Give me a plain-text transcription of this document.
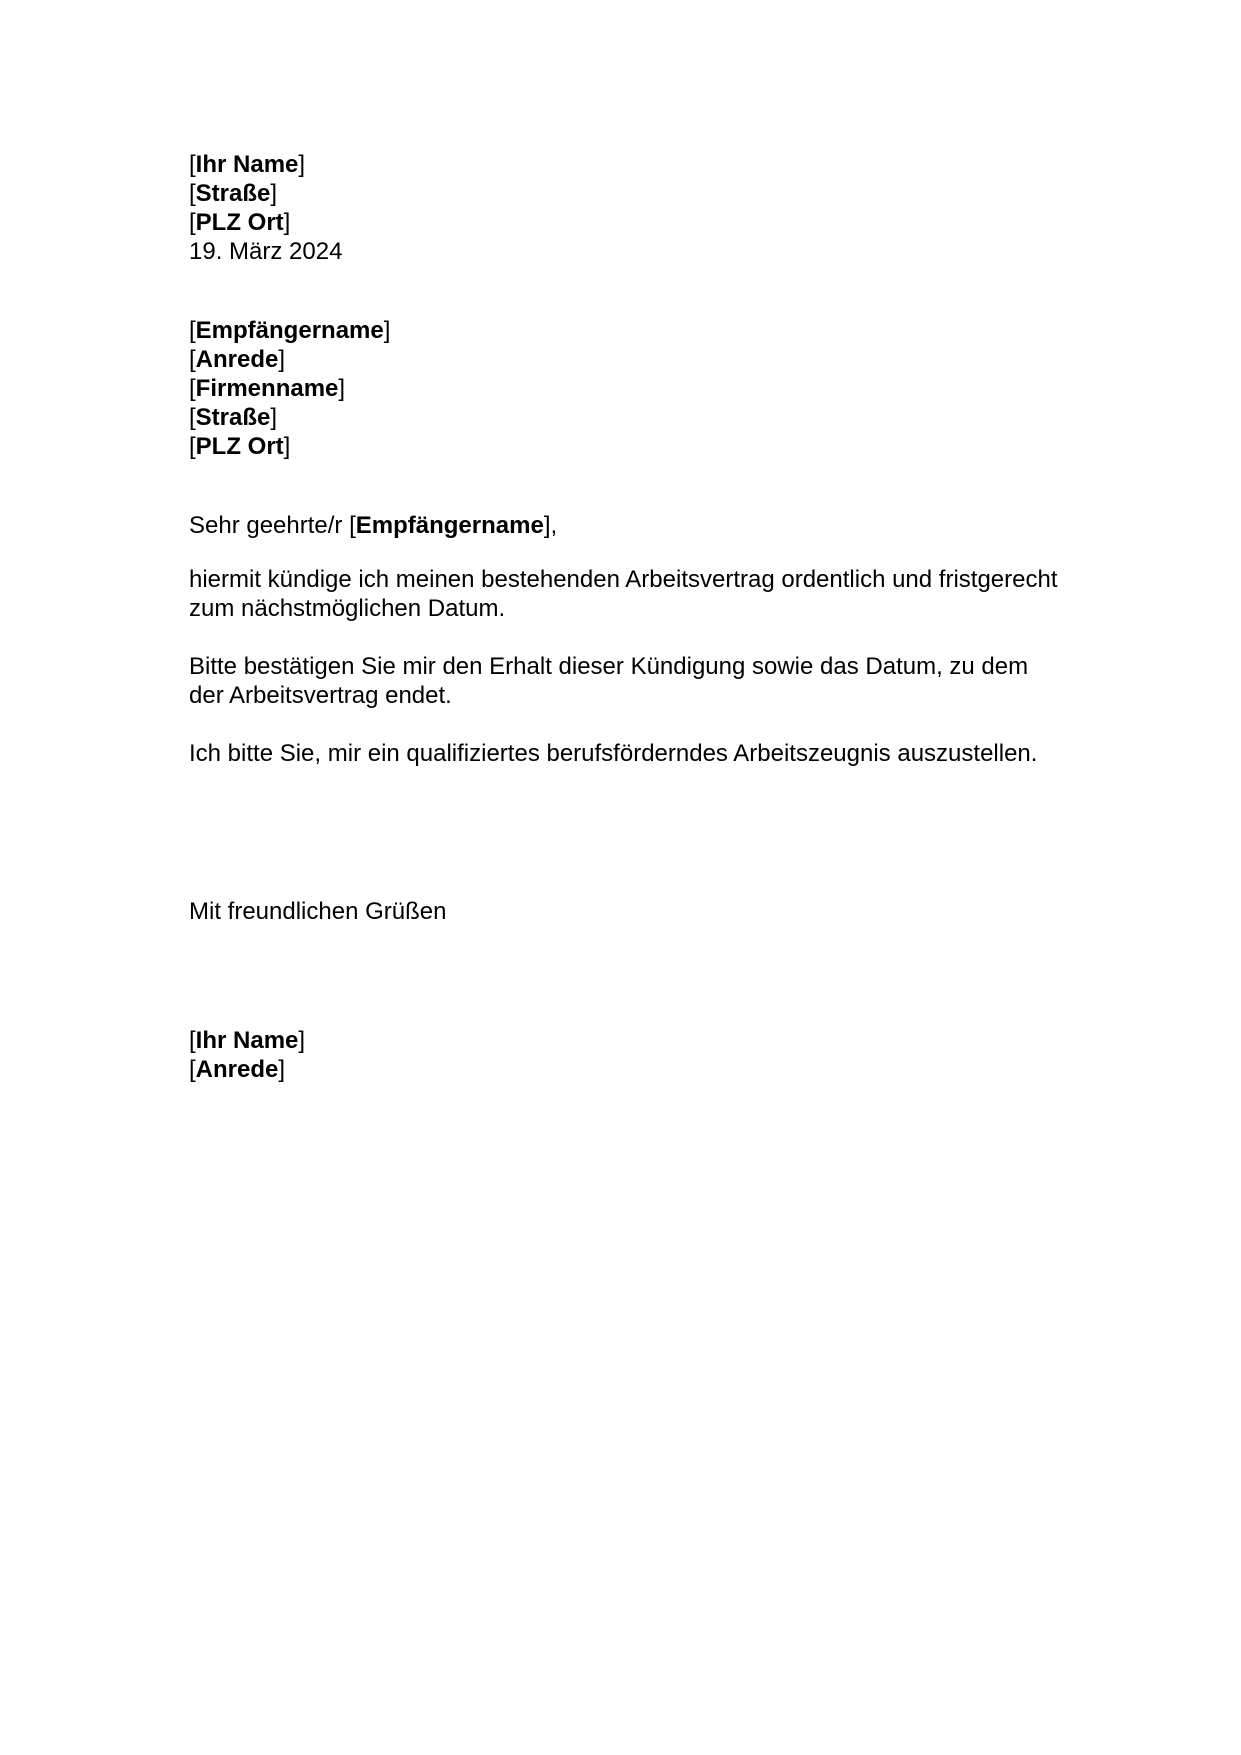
[Ihr Name]
[Straße]
[PLZ Ort]
19. März 2024
[Empfängername]
[Anrede]
[Firmenname]
[Straße]
[PLZ Ort]
Sehr geehrte/r [Empfängername],
hiermit kündige ich meinen bestehenden Arbeitsvertrag ordentlich und fristgerecht zum nächstmöglichen Datum.
Bitte bestätigen Sie mir den Erhalt dieser Kündigung sowie das Datum, zu dem der Arbeitsvertrag endet.
Ich bitte Sie, mir ein qualifiziertes berufsförderndes Arbeitszeugnis auszustellen.
Mit freundlichen Grüßen
[Ihr Name]
[Anrede]
